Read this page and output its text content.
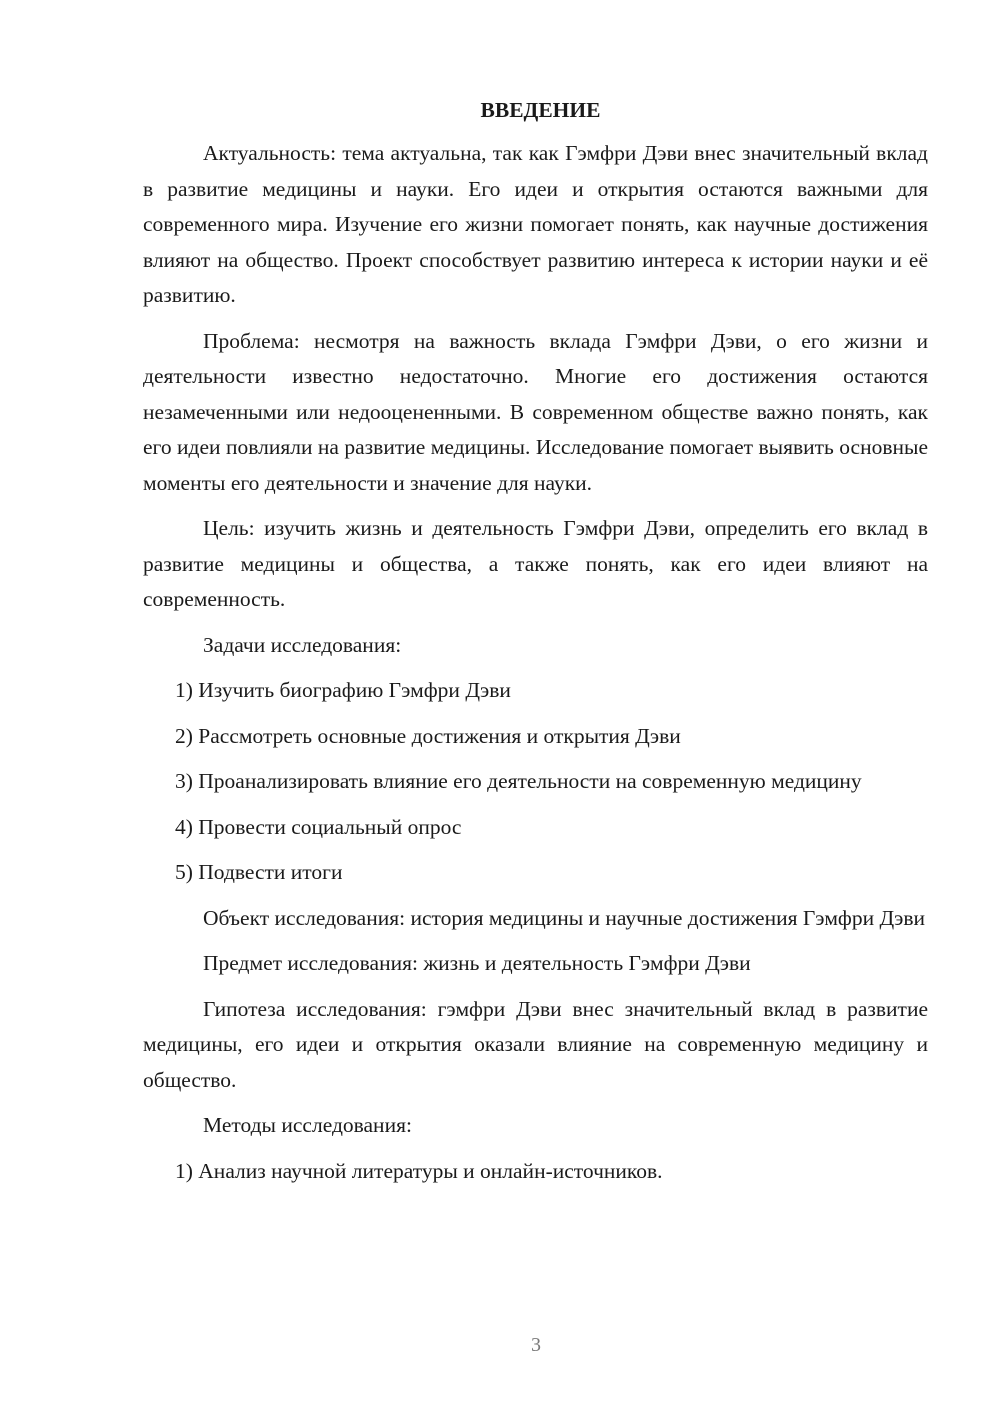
ВВЕДЕНИЕ
Актуальность: тема актуальна, так как Гэмфри Дэви внес значительный вклад в развитие медицины и науки. Его идеи и открытия остаются важными для современного мира. Изучение его жизни помогает понять, как научные достижения влияют на общество. Проект способствует развитию интереса к истории науки и её развитию.
Проблема: несмотря на важность вклада Гэмфри Дэви, о его жизни и деятельности известно недостаточно. Многие его достижения остаются незамеченными или недооцененными. В современном обществе важно понять, как его идеи повлияли на развитие медицины. Исследование помогает выявить основные моменты его деятельности и значение для науки.
Цель: изучить жизнь и деятельность Гэмфри Дэви, определить его вклад в развитие медицины и общества, а также понять, как его идеи влияют на современность.
Задачи исследования:
1) Изучить биографию Гэмфри Дэви
2) Рассмотреть основные достижения и открытия Дэви
3) Проанализировать влияние его деятельности на современную медицину
4) Провести социальный опрос
5) Подвести итоги
Объект исследования: история медицины и научные достижения Гэмфри Дэви
Предмет исследования: жизнь и деятельность Гэмфри Дэви
Гипотеза исследования: гэмфри Дэви внес значительный вклад в развитие медицины, его идеи и открытия оказали влияние на современную медицину и общество.
Методы исследования:
1) Анализ научной литературы и онлайн-источников.
3
